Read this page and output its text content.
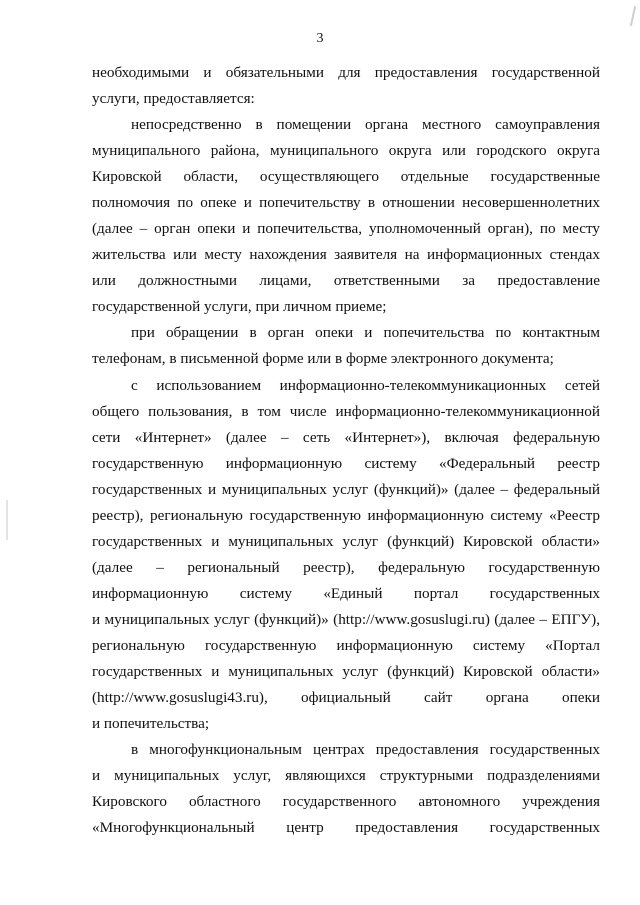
3
необходимыми и обязательными для предоставления государственной
услуги, предоставляется:
непосредственно в помещении органа местного самоуправления
муниципального района, муниципального округа или городского округа
Кировской области, осуществляющего отдельные государственные
полномочия по опеке и попечительству в отношении несовершеннолетних
(далее – орган опеки и попечительства, уполномоченный орган), по месту
жительства или месту нахождения заявителя на информационных стендах
или должностными лицами, ответственными за предоставление
государственной услуги, при личном приеме;
при обращении в орган опеки и попечительства по контактным
телефонам, в письменной форме или в форме электронного документа;
с использованием информационно-телекоммуникационных сетей
общего пользования, в том числе информационно-телекоммуникационной
сети «Интернет» (далее – сеть «Интернет»), включая федеральную
государственную информационную систему «Федеральный реестр
государственных и муниципальных услуг (функций)» (далее – федеральный
реестр), региональную государственную информационную систему «Реестр
государственных и муниципальных услуг (функций) Кировской области»
(далее – региональный реестр), федеральную государственную
информационную систему «Единый портал государственных
и муниципальных услуг (функций)» (http://www.gosuslugi.ru) (далее – ЕПГУ),
региональную государственную информационную систему «Портал
государственных и муниципальных услуг (функций) Кировской области»
(http://www.gosuslugi43.ru), официальный сайт органа опеки
и попечительства;
в многофункциональным центрах предоставления государственных
и муниципальных услуг, являющихся структурными подразделениями
Кировского областного государственного автономного учреждения
«Многофункциональный центр предоставления государственных
